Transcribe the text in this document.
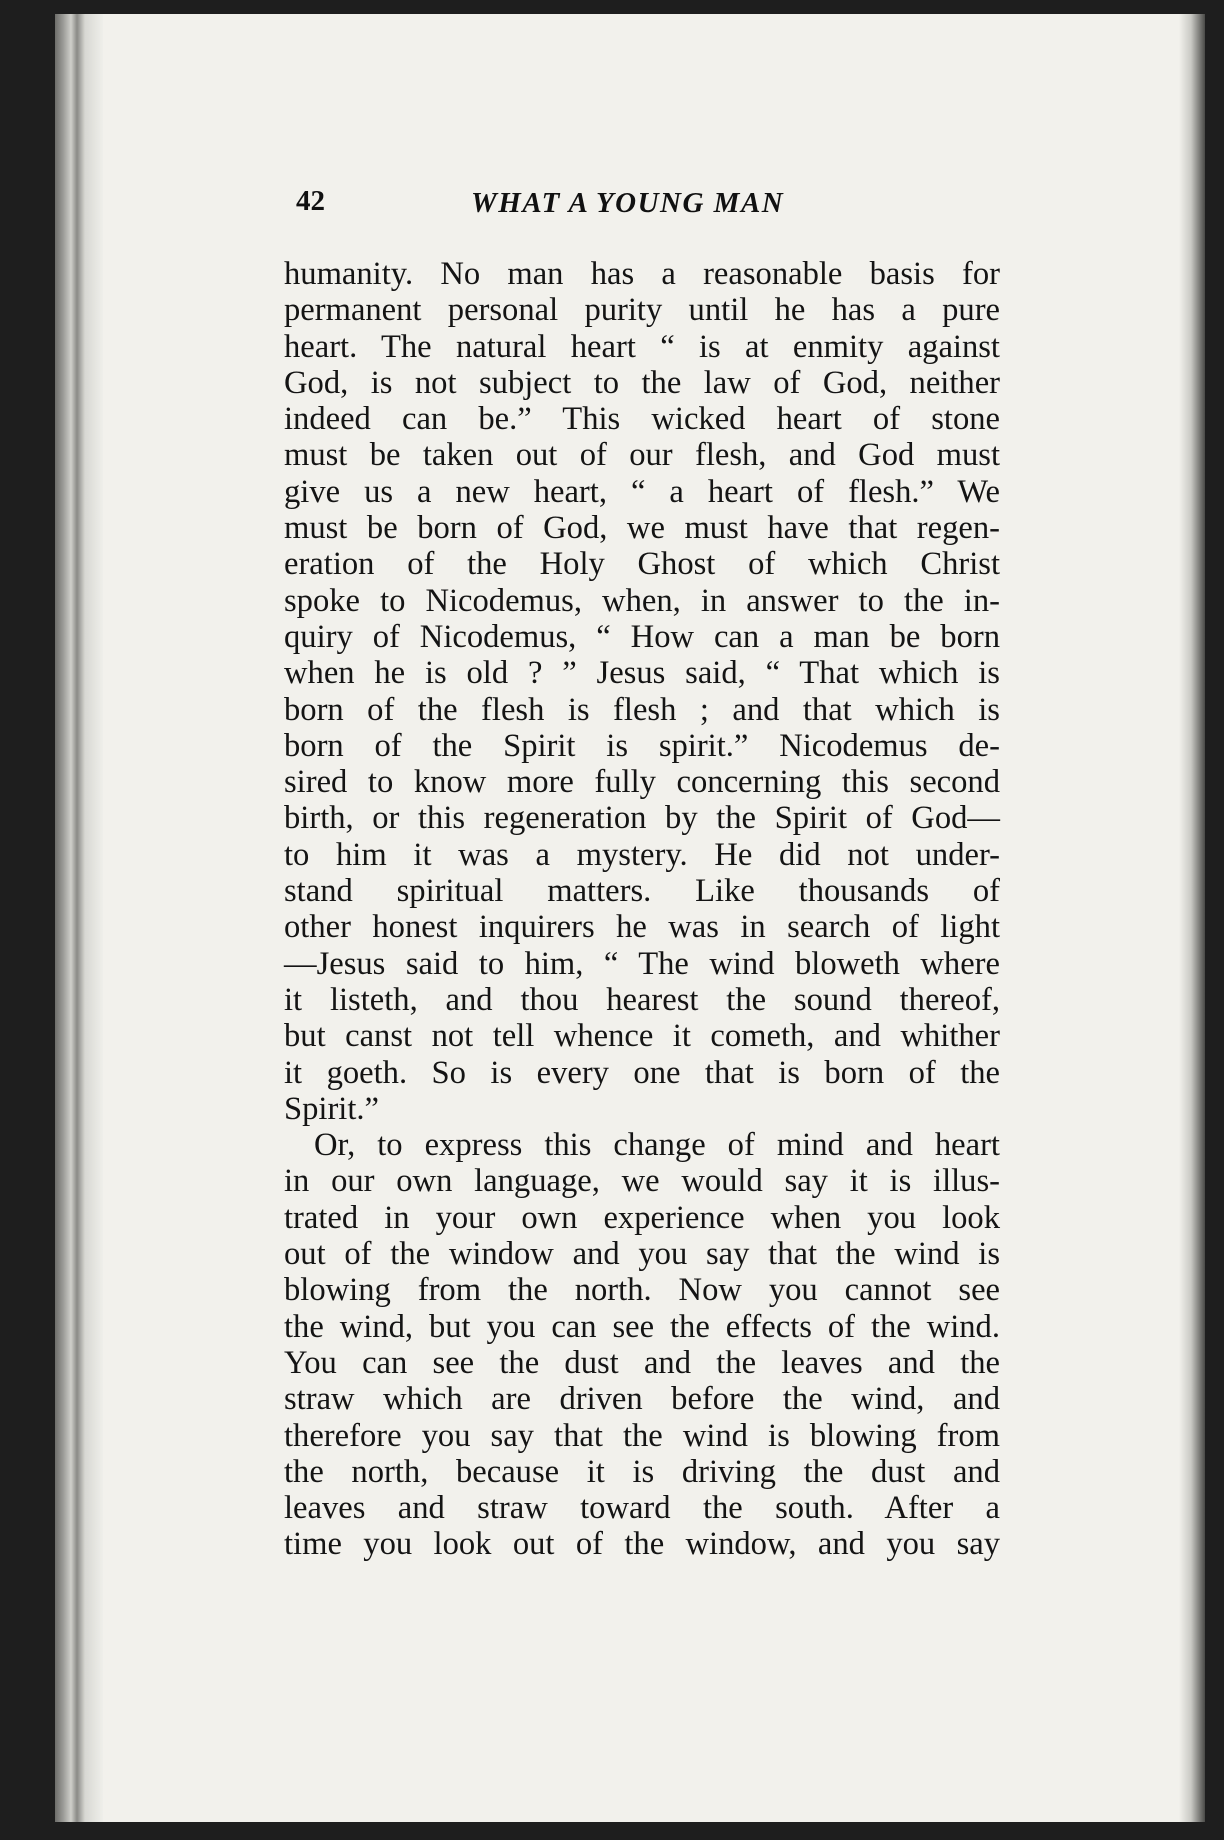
42	WHAT A YOUNG MAN
humanity. No man has a reasonable basis for
permanent personal purity until he has a pure
heart. The natural heart “ is at enmity against
God, is not subject to the law of God, neither
indeed can be.” This wicked heart of stone
must be taken out of our flesh, and God must
give us a new heart, “ a heart of flesh.” We
must be born of God, we must have that regen-
eration of the Holy Ghost of which Christ
spoke to Nicodemus, when, in answer to the in-
quiry of Nicodemus, “ How can a man be born
when he is old ? ” Jesus said, “ That which is
born of the flesh is flesh ; and that which is
born of the Spirit is spirit.” Nicodemus de-
sired to know more fully concerning this second
birth, or this regeneration by the Spirit of God—
to him it was a mystery. He did not under-
stand spiritual matters. Like thousands of
other honest inquirers he was in search of light
—Jesus said to him, “ The wind bloweth where
it listeth, and thou hearest the sound thereof,
but canst not tell whence it cometh, and whither
it goeth. So is every one that is born of the
Spirit.”
Or, to express this change of mind and heart
in our own language, we would say it is illus-
trated in your own experience when you look
out of the window and you say that the wind is
blowing from the north. Now you cannot see
the wind, but you can see the effects of the wind.
You can see the dust and the leaves and the
straw which are driven before the wind, and
therefore you say that the wind is blowing from
the north, because it is driving the dust and
leaves and straw toward the south. After a
time you look out of the window, and you say
